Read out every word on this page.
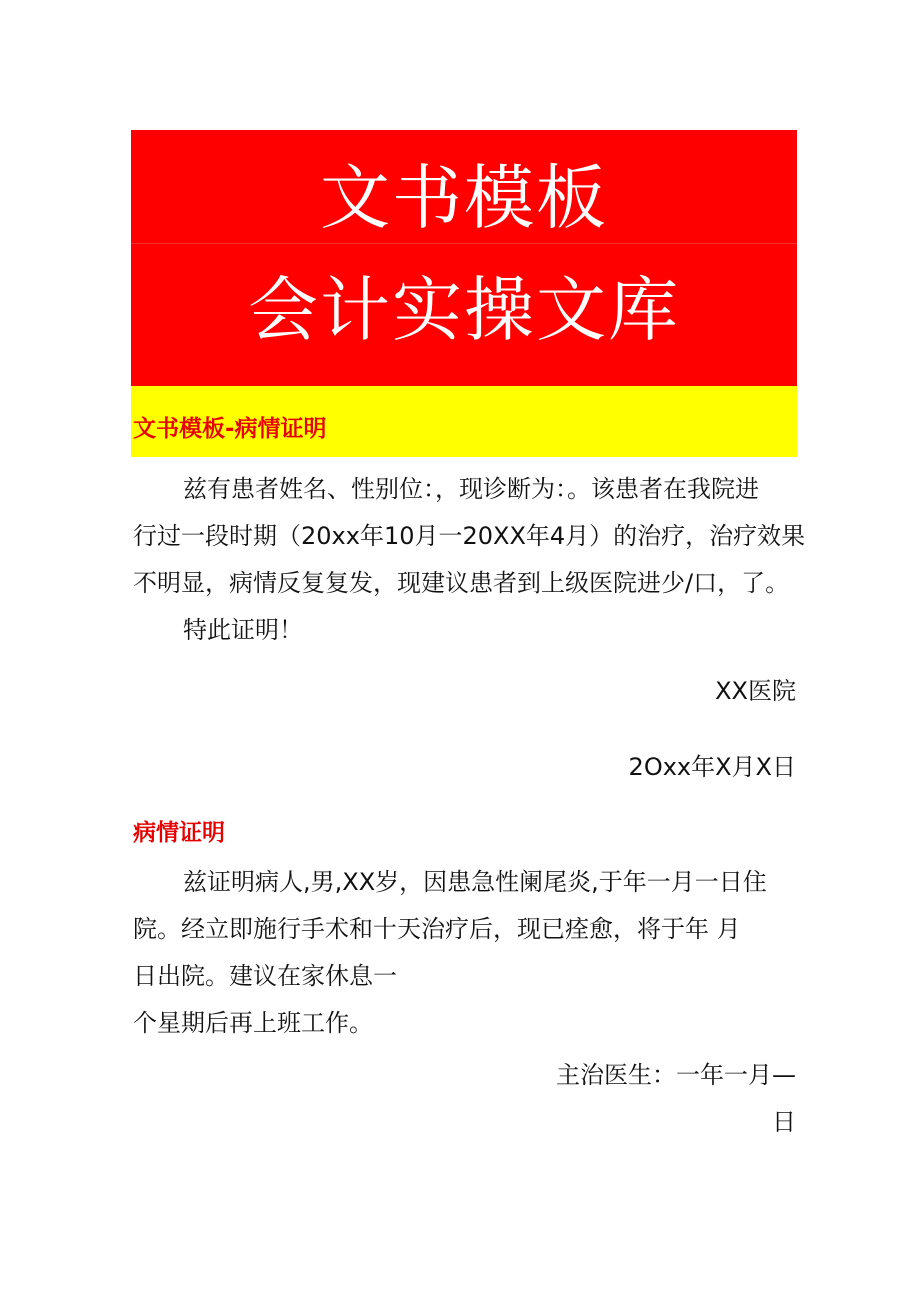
文书模板
会计实操文库
文书模板-病情证明
兹有患者姓名、性别位：，现诊断为：。该患者在我院进
行过一段时期（20xx年10月一20XX年4月）的治疗，治疗效果
不明显，病情反复复发，现建议患者到上级医院进少/口，了。
特此证明！
XX医院
2Oxx年X月X日
病情证明
兹证明病人,男,XX岁，因患急性阑尾炎,于年一月一日住
院。经立即施行手术和十天治疗后，现已痊愈，将于年 月
日出院。建议在家休息一
个星期后再上班工作。
主治医生：一年一月—
日
